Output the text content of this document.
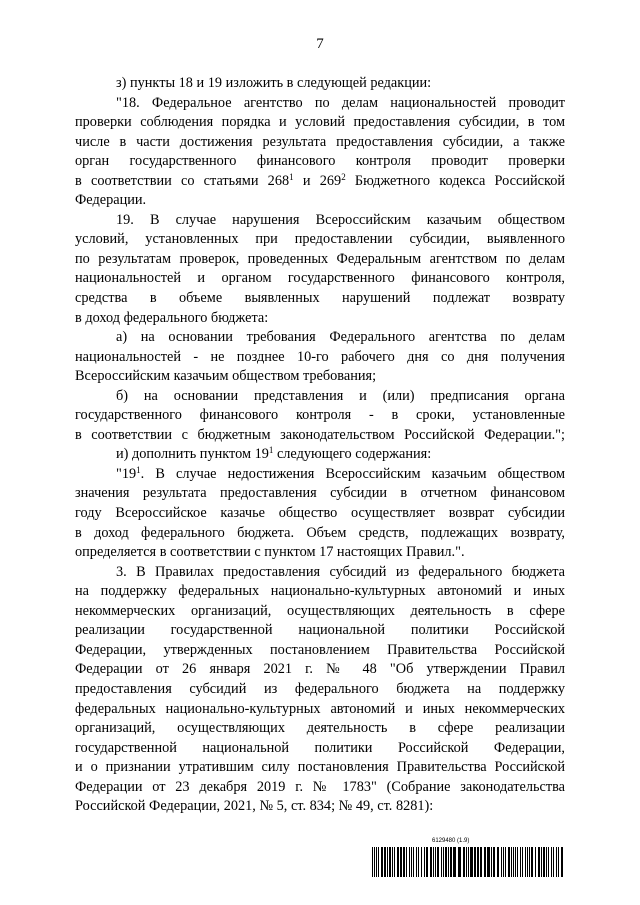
7
з) пункты 18 и 19 изложить в следующей редакции:
"18. Федеральное агентство по делам национальностей проводит
проверки соблюдения порядка и условий предоставления субсидии, в том
числе в части достижения результата предоставления субсидии, а также
орган государственного финансового контроля проводит проверки
в соответствии со статьями $268^1$ и $269^2$ Бюджетного кодекса Российской
Федерации.
19. В случае нарушения Всероссийским казачьим обществом
условий, установленных при предоставлении субсидии, выявленного
по результатам проверок, проведенных Федеральным агентством по делам
национальностей и органом государственного финансового контроля,
средства в объеме выявленных нарушений подлежат возврату
в доход федерального бюджета:
а) на основании требования Федерального агентства по делам
национальностей - не позднее 10-го рабочего дня со дня получения
Всероссийским казачьим обществом требования;
б) на основании представления и (или) предписания органа
государственного финансового контроля - в сроки, установленные
в соответствии с бюджетным законодательством Российской Федерации.";
и) дополнить пунктом $19^1$ следующего содержания:
"$19^1$. В случае недостижения Всероссийским казачьим обществом
значения результата предоставления субсидии в отчетном финансовом
году Всероссийское казачье общество осуществляет возврат субсидии
в доход федерального бюджета. Объем средств, подлежащих возврату,
определяется в соответствии с пунктом 17 настоящих Правил.".
3. В Правилах предоставления субсидий из федерального бюджета
на поддержку федеральных национально-культурных автономий и иных
некоммерческих организаций, осуществляющих деятельность в сфере
реализации государственной национальной политики Российской
Федерации, утвержденных постановлением Правительства Российской
Федерации от 26 января 2021 г. № 48 "Об утверждении Правил
предоставления субсидий из федерального бюджета на поддержку
федеральных национально-культурных автономий и иных некоммерческих
организаций, осуществляющих деятельность в сфере реализации
государственной национальной политики Российской Федерации,
и о признании утратившим силу постановления Правительства Российской
Федерации от 23 декабря 2019 г. № 1783" (Собрание законодательства
Российской Федерации, 2021, № 5, ст. 834; № 49, ст. 8281):
6129480 (1.9)
